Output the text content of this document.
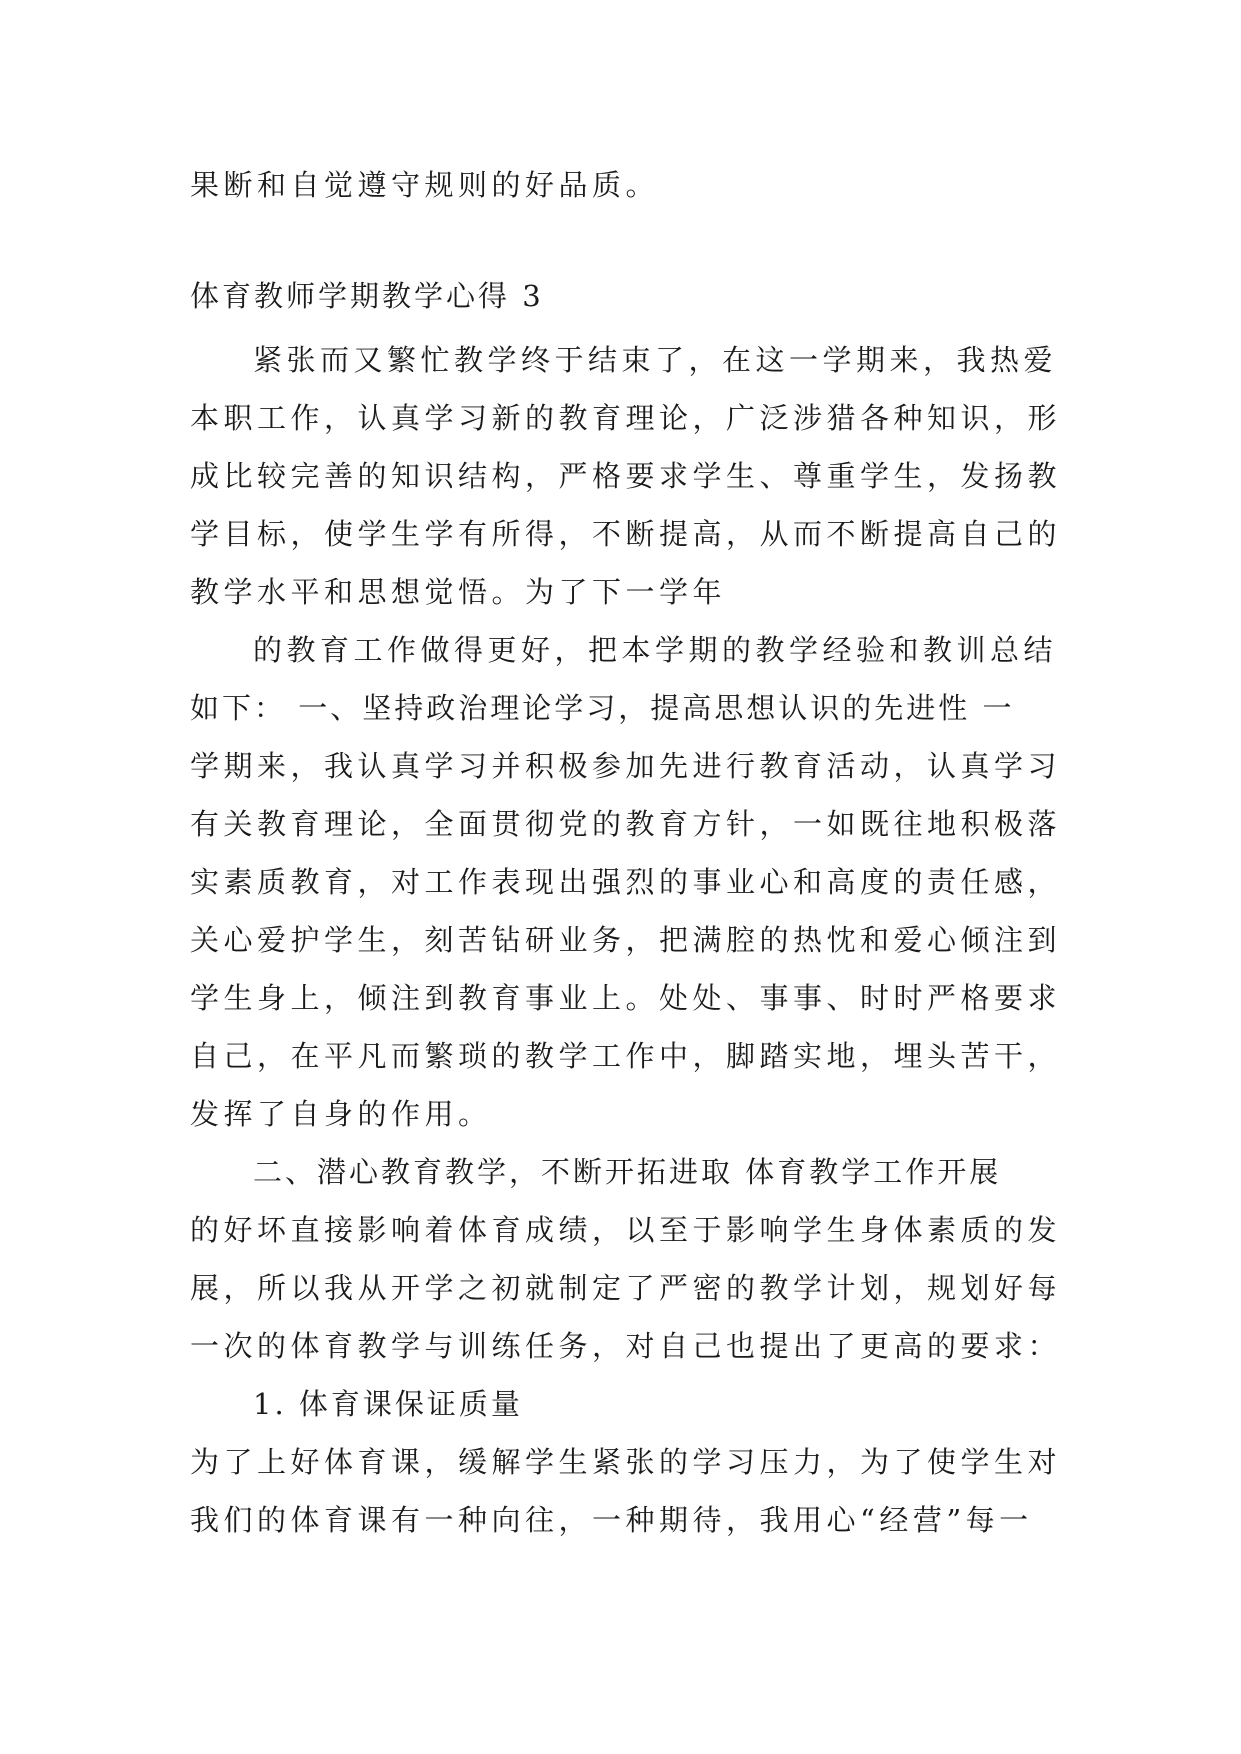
果断和自觉遵守规则的好品质。
体育教师学期教学心得 3
紧张而又繁忙教学终于结束了，在这一学期来，我热爱
本职工作，认真学习新的教育理论，广泛涉猎各种知识，形
成比较完善的知识结构，严格要求学生、尊重学生，发扬教
学目标，使学生学有所得，不断提高，从而不断提高自己的
教学水平和思想觉悟。为了下一学年
的教育工作做得更好，把本学期的教学经验和教训总结
如下： 一、坚持政治理论学习，提高思想认识的先进性 一
学期来，我认真学习并积极参加先进行教育活动，认真学习
有关教育理论，全面贯彻党的教育方针，一如既往地积极落
实素质教育，对工作表现出强烈的事业心和高度的责任感，
关心爱护学生，刻苦钻研业务，把满腔的热忱和爱心倾注到
学生身上，倾注到教育事业上。处处、事事、时时严格要求
自己，在平凡而繁琐的教学工作中，脚踏实地，埋头苦干，
发挥了自身的作用。
二、潜心教育教学，不断开拓进取 体育教学工作开展
的好坏直接影响着体育成绩，以至于影响学生身体素质的发
展，所以我从开学之初就制定了严密的教学计划，规划好每
一次的体育教学与训练任务，对自己也提出了更高的要求：
1. 体育课保证质量
为了上好体育课，缓解学生紧张的学习压力，为了使学生对
我们的体育课有一种向往，一种期待，我用心“经营”每一
